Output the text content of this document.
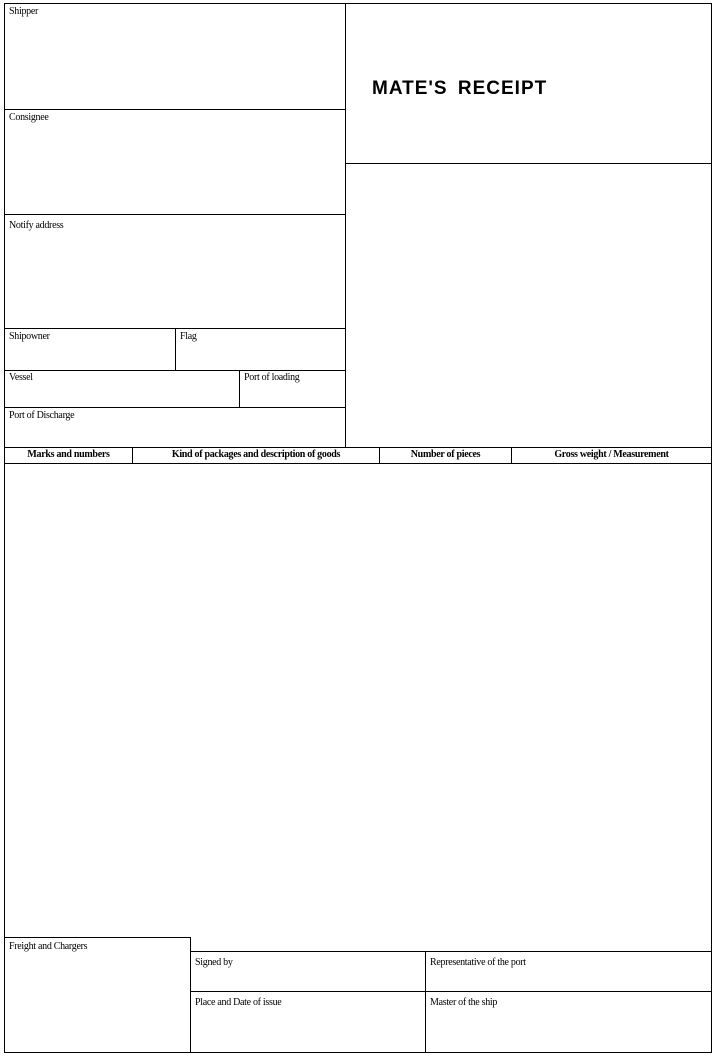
MATE'S RECEIPT
Shipper
Consignee
Notify address
Shipowner	Flag
Vessel	Port of loading
Port of Discharge
Marks and numbers	Kind of packages and description of goods	Number of pieces	Gross weight / Measurement
Freight and Chargers
Signed by	Representative of the port
Place and Date of issue	Master of the ship
